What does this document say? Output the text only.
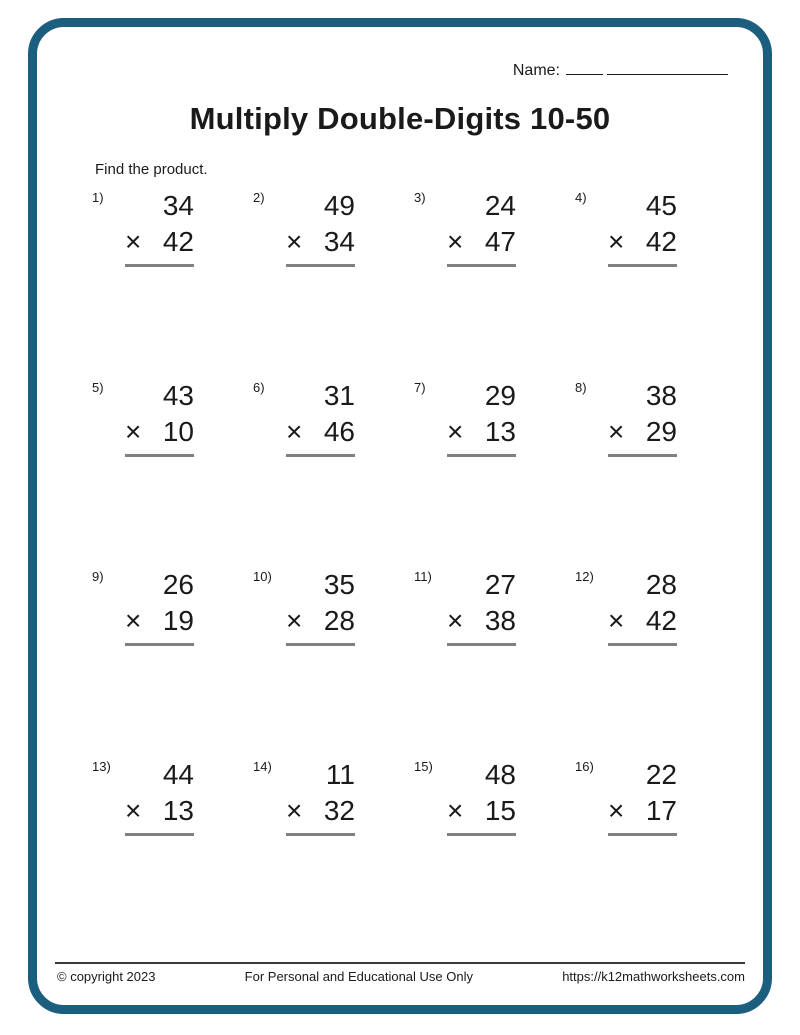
Name:
Multiply Double-Digits 10-50
Find the product.
1)	34
× 42
2)	49
× 34
3)	24
× 47
4)	45
× 42
5)	43
× 10
6)	31
× 46
7)	29
× 13
8)	38
× 29
9)	26
× 19
10)	35
× 28
11)	27
× 38
12)	28
× 42
13)	44
× 13
14)	11
× 32
15)	48
× 15
16)	22
× 17
© copyright 2023	For Personal and Educational Use Only	https://k12mathworksheets.com
